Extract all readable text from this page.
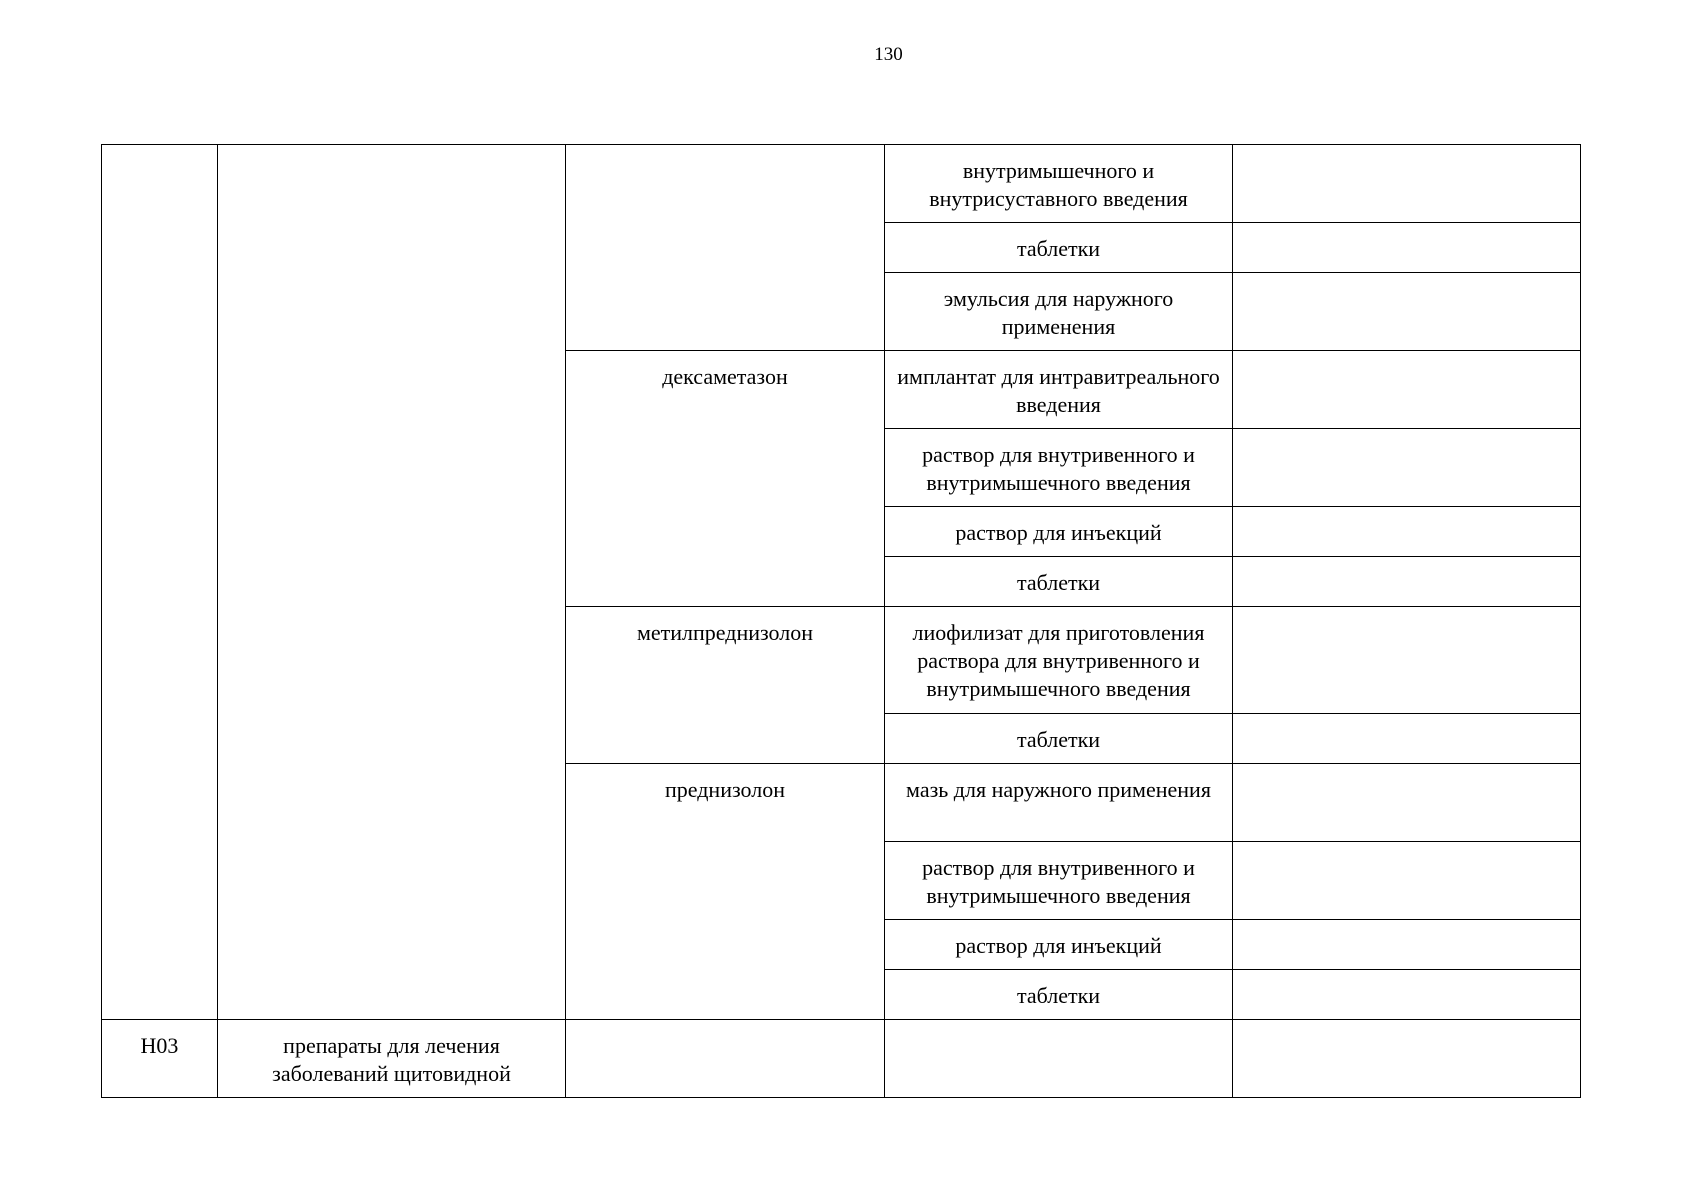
130
			внутримышечного и внутрисуставного введения	
			таблетки	
			эмульсия для наружного применения	
		дексаметазон	имплантат для интравитреального введения	
			раствор для внутривенного и внутримышечного введения	
			раствор для инъекций	
			таблетки	
		метилпреднизолон	лиофилизат для приготовления раствора для внутривенного и внутримышечного введения	
			таблетки	
		преднизолон	мазь для наружного применения	
			раствор для внутривенного и внутримышечного введения	
			раствор для инъекций	
			таблетки	
H03	препараты для лечения заболеваний щитовидной			
